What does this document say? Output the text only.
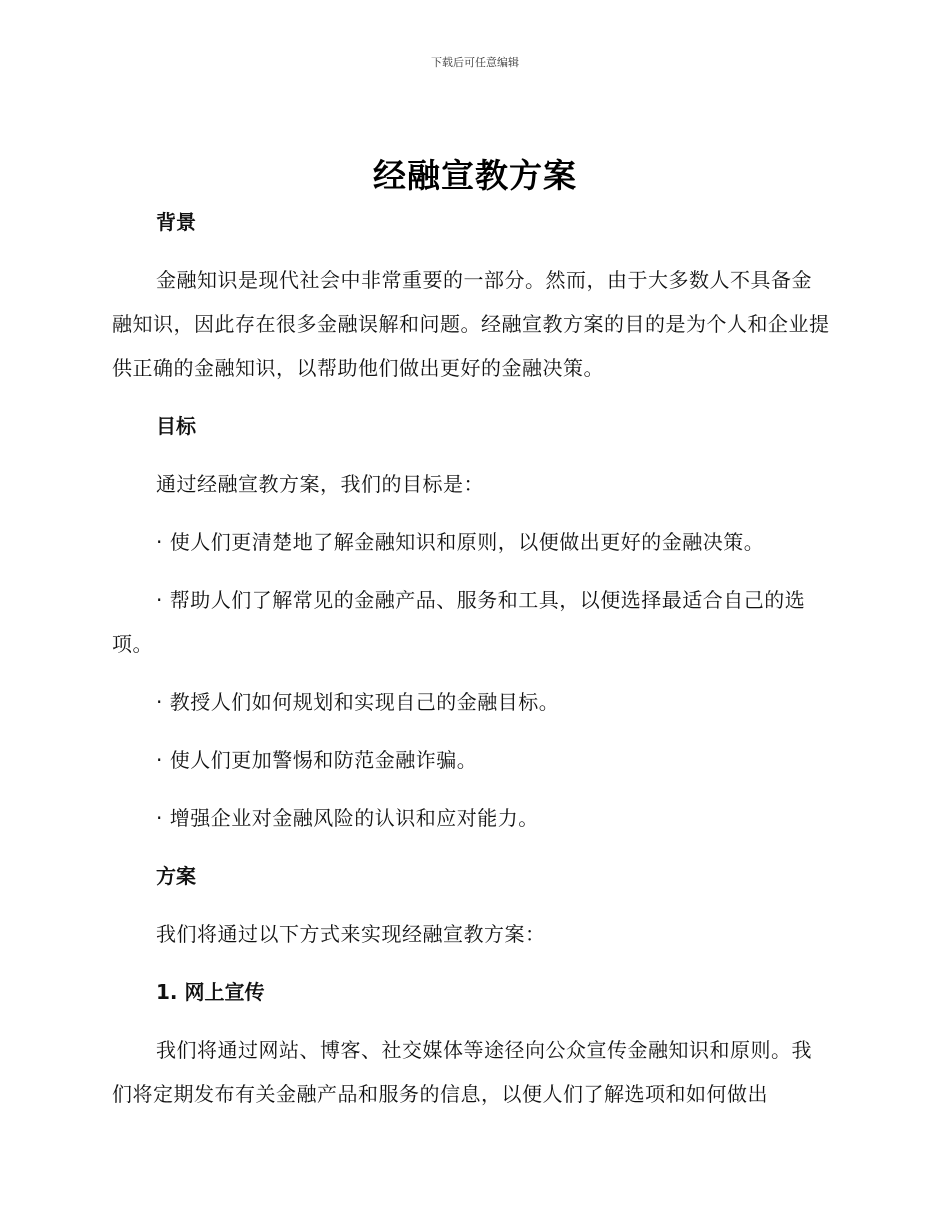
下载后可任意编辑
经融宣教方案

背景

金融知识是现代社会中非常重要的一部分。然而，由于大多数人不具备金融知识，因此存在很多金融误解和问题。经融宣教方案的目的是为个人和企业提供正确的金融知识，以帮助他们做出更好的金融决策。

目标

通过经融宣教方案，我们的目标是：

· 使人们更清楚地了解金融知识和原则，以便做出更好的金融决策。

· 帮助人们了解常见的金融产品、服务和工具，以便选择最适合自己的选项。

· 教授人们如何规划和实现自己的金融目标。

· 使人们更加警惕和防范金融诈骗。

· 增强企业对金融风险的认识和应对能力。

方案

我们将通过以下方式来实现经融宣教方案：

1. 网上宣传

我们将通过网站、博客、社交媒体等途径向公众宣传金融知识和原则。我们将定期发布有关金融产品和服务的信息，以便人们了解选项和如何做出
